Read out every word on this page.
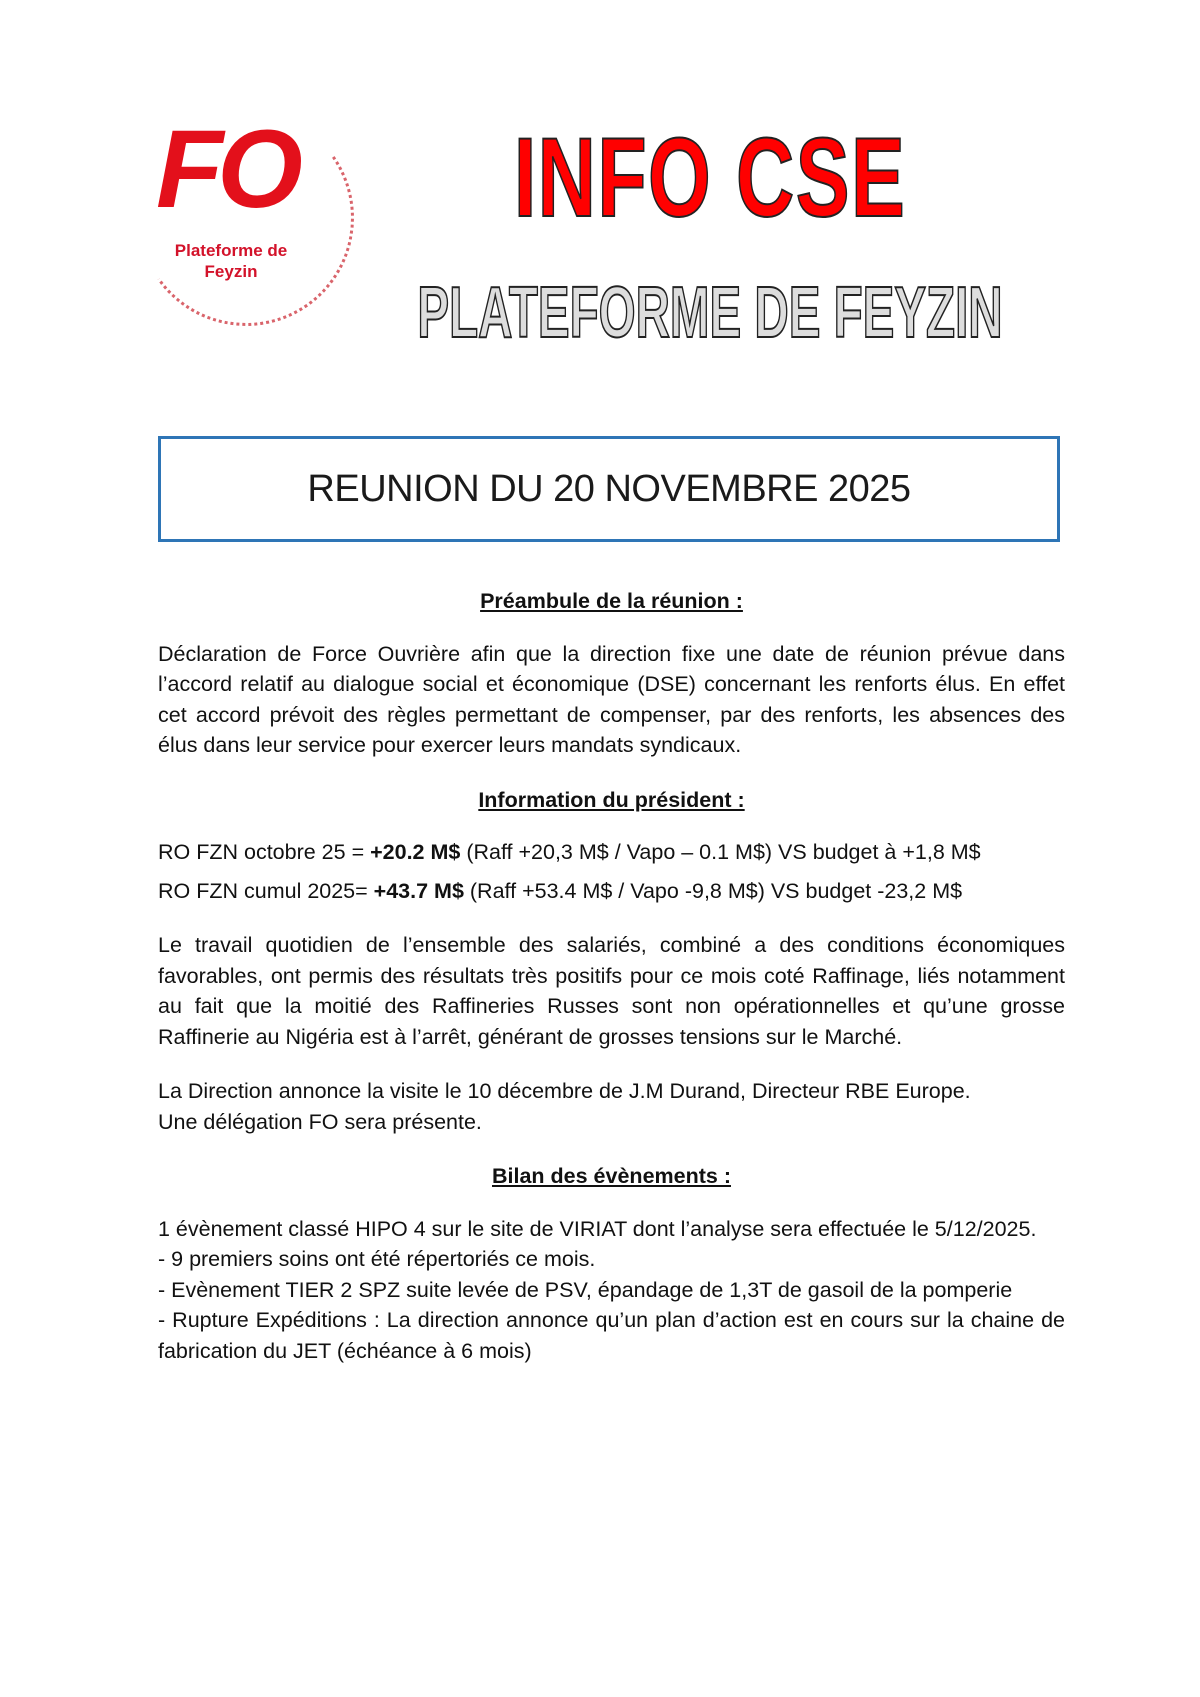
FO
Plateforme de
Feyzin
INFO CSE
PLATEFORME DE FEYZIN
REUNION DU 20 NOVEMBRE 2025
Préambule de la réunion :

Déclaration de Force Ouvrière afin que la direction fixe une date de réunion prévue dans l’accord relatif au dialogue social et économique (DSE) concernant les renforts élus. En effet cet accord prévoit des règles permettant de compenser, par des renforts, les absences des élus dans leur service pour exercer leurs mandats syndicaux.

Information du président :

RO FZN octobre 25 = +20.2 M$ (Raff +20,3 M$ / Vapo – 0.1 M$) VS budget à +1,8 M$

RO FZN cumul 2025= +43.7 M$ (Raff +53.4 M$ / Vapo -9,8 M$) VS budget -23,2 M$

Le travail quotidien de l’ensemble des salariés, combiné a des conditions économiques favorables, ont permis des résultats très positifs pour ce mois coté Raffinage, liés notamment au fait que la moitié des Raffineries Russes sont non opérationnelles et qu’une grosse Raffinerie au Nigéria est à l’arrêt, générant de grosses tensions sur le Marché.

La Direction annonce la visite le 10 décembre de J.M Durand, Directeur RBE Europe.

Une délégation FO sera présente.

Bilan des évènements :

1 évènement classé HIPO 4 sur le site de VIRIAT dont l’analyse sera effectuée le 5/12/2025.

- 9 premiers soins ont été répertoriés ce mois.

- Evènement TIER 2 SPZ suite levée de PSV, épandage de 1,3T de gasoil de la pomperie

- Rupture Expéditions : La direction annonce qu’un plan d’action est en cours sur la chaine de fabrication du JET (échéance à 6 mois)
